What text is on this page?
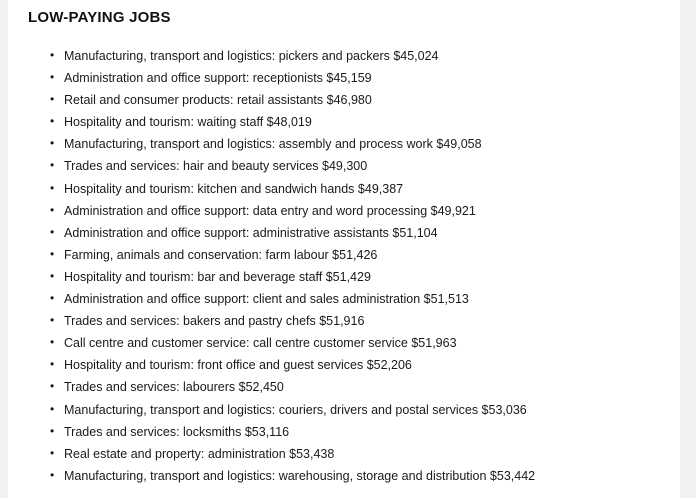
LOW-PAYING JOBS
• Manufacturing, transport and logistics: pickers and packers $45,024
• Administration and office support: receptionists $45,159
• Retail and consumer products: retail assistants $46,980
• Hospitality and tourism: waiting staff $48,019
• Manufacturing, transport and logistics: assembly and process work $49,058
• Trades and services: hair and beauty services $49,300
• Hospitality and tourism: kitchen and sandwich hands $49,387
• Administration and office support: data entry and word processing $49,921
• Administration and office support: administrative assistants $51,104
• Farming, animals and conservation: farm labour $51,426
• Hospitality and tourism: bar and beverage staff $51,429
• Administration and office support: client and sales administration $51,513
• Trades and services: bakers and pastry chefs $51,916
• Call centre and customer service: call centre customer service $51,963
• Hospitality and tourism: front office and guest services $52,206
• Trades and services: labourers $52,450
• Manufacturing, transport and logistics: couriers, drivers and postal services $53,036
• Trades and services: locksmiths $53,116
• Real estate and property: administration $53,438
• Manufacturing, transport and logistics: warehousing, storage and distribution $53,442
